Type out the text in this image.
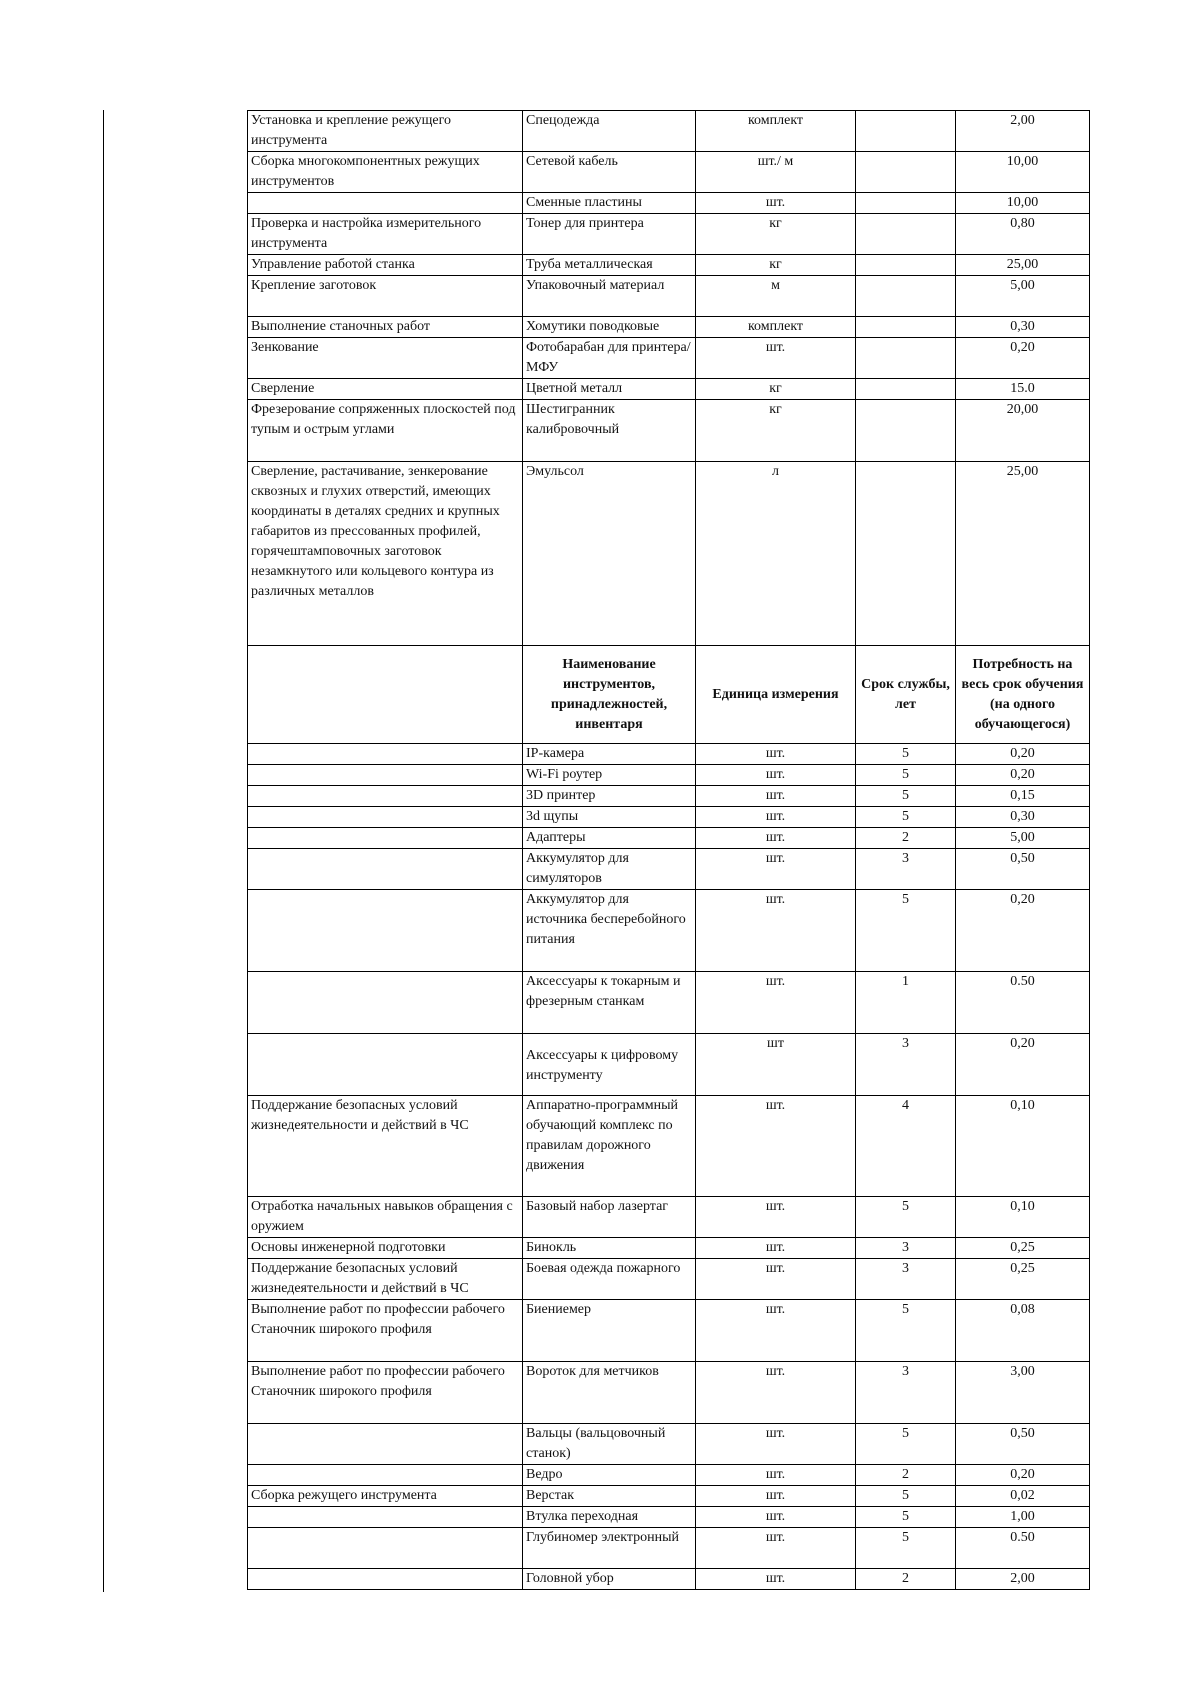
Установка и крепление режущего инструмента	Спецодежда	комплект		2,00
Сборка многокомпонентных режущих инструментов	Сетевой кабель	шт./ м		10,00
	Сменные пластины	шт.		10,00
Проверка и настройка измерительного инструмента	Тонер для принтера	кг		0,80
Управление работой станка	Труба металлическая	кг		25,00
Крепление заготовок	Упаковочный материал	м		5,00
Выполнение станочных работ	Хомутики поводковые	комплект		0,30
Зенкование	Фотобарабан для принтера/МФУ	шт.		0,20
Сверление	Цветной металл	кг		15.0
Фрезерование сопряженных плоскостей под тупым и острым углами	Шестигранник калибровочный	кг		20,00
Сверление, растачивание, зенкерование сквозных и глухих отверстий, имеющих координаты в деталях средних и крупных габаритов из прессованных профилей, горячештамповочных заготовок незамкнутого или кольцевого контура из различных металлов	Эмульсол	л		25,00
	Наименование инструментов, принадлежностей, инвентаря	Единица измерения	Срок службы, лет	Потребность на весь срок обучения (на одного обучающегося)
	IP-камера	шт.	5	0,20
	Wi-Fi роутер	шт.	5	0,20
	3D принтер	шт.	5	0,15
	3d щупы	шт.	5	0,30
	Адаптеры	шт.	2	5,00
	Аккумулятор для симуляторов	шт.	3	0,50
	Аккумулятор для источника бесперебойного питания	шт.	5	0,20
	Аксессуары к токарным и фрезерным станкам	шт.	1	0.50
	Аксессуары к цифровому инструменту	шт	3	0,20
Поддержание безопасных условий жизнедеятельности и действий в ЧС	Аппаратно-программный обучающий комплекс по правилам дорожного движения	шт.	4	0,10
Отработка начальных навыков обращения с оружием	Базовый набор лазертаг	шт.	5	0,10
Основы инженерной подготовки	Бинокль	шт.	3	0,25
Поддержание безопасных условий жизнедеятельности и действий в ЧС	Боевая одежда пожарного	шт.	3	0,25
Выполнение работ по профессии рабочего Станочник широкого профиля	Биениемер	шт.	5	0,08
Выполнение работ по профессии рабочего Станочник широкого профиля	Вороток для метчиков	шт.	3	3,00
	Вальцы (вальцовочный станок)	шт.	5	0,50
	Ведро	шт.	2	0,20
Сборка режущего инструмента	Верстак	шт.	5	0,02
	Втулка переходная	шт.	5	1,00
	Глубиномер электронный	шт.	5	0.50
	Головной убор	шт.	2	2,00
